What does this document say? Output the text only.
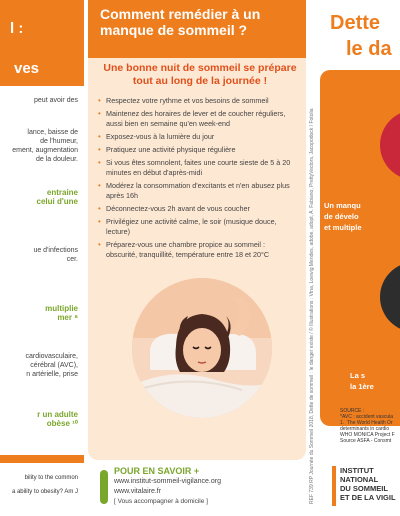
l :
ves
peut avoir des
lance, baisse de
de l'humeur,
ement, augmentation
de la douleur.
entraine
celui d'une
ue d'infections
cer.
multiplie
mer ⁸
cardiovasculaire,
cérébral (AVC),
n artérielle, prise
r un adulte
obèse ¹⁰
bility to the common
a ability to obesity? Am J
Comment remédier à un manque de sommeil ?
Une bonne nuit de sommeil se prépare tout au long de la journée !
• Respectez votre rythme et vos besoins de sommeil
• Maintenez des horaires de lever et de coucher réguliers, aussi bien en semaine qu'en week-end
• Exposez-vous à la lumière du jour
• Pratiquez une activité physique régulière
• Si vous êtes somnolent, faites une courte sieste de 5 à 20 minutes en début d'après-midi
• Modérez la consommation d'excitants et n'en abusez plus après 16h
• Déconnectez-vous 2h avant de vous coucher
• Privilégiez une activité calme, le soir (musique douce, lecture)
• Préparez-vous une chambre propice au sommeil : obscurité, tranquillité, température entre 18 et 20°C
POUR EN SAVOIR +
www.institut-sommeil-vigilance.org
www.vitalaire.fr
[ Vous accompagner à domicile ]	REF 739 RP Journée du Sommeil 2018, Dette de sommeil : le danger existe / © Illustrations : Vtna, Loewig Mendes, adobe, adopt, A. Fabiano, PrettyVectors, Jacopodock / Fotolia
Dette
le da
Un manqu
de dévelo
et multiple
La s
la 1ère
SOURCE :
*AVC : accident vascula
1.  The World Health Or
determinants in cardio
WHO MONICA Project F
Source ASFA - Consmt
INSTITUT
NATIONAL
DU SOMMEIL
ET DE LA VIGIL
